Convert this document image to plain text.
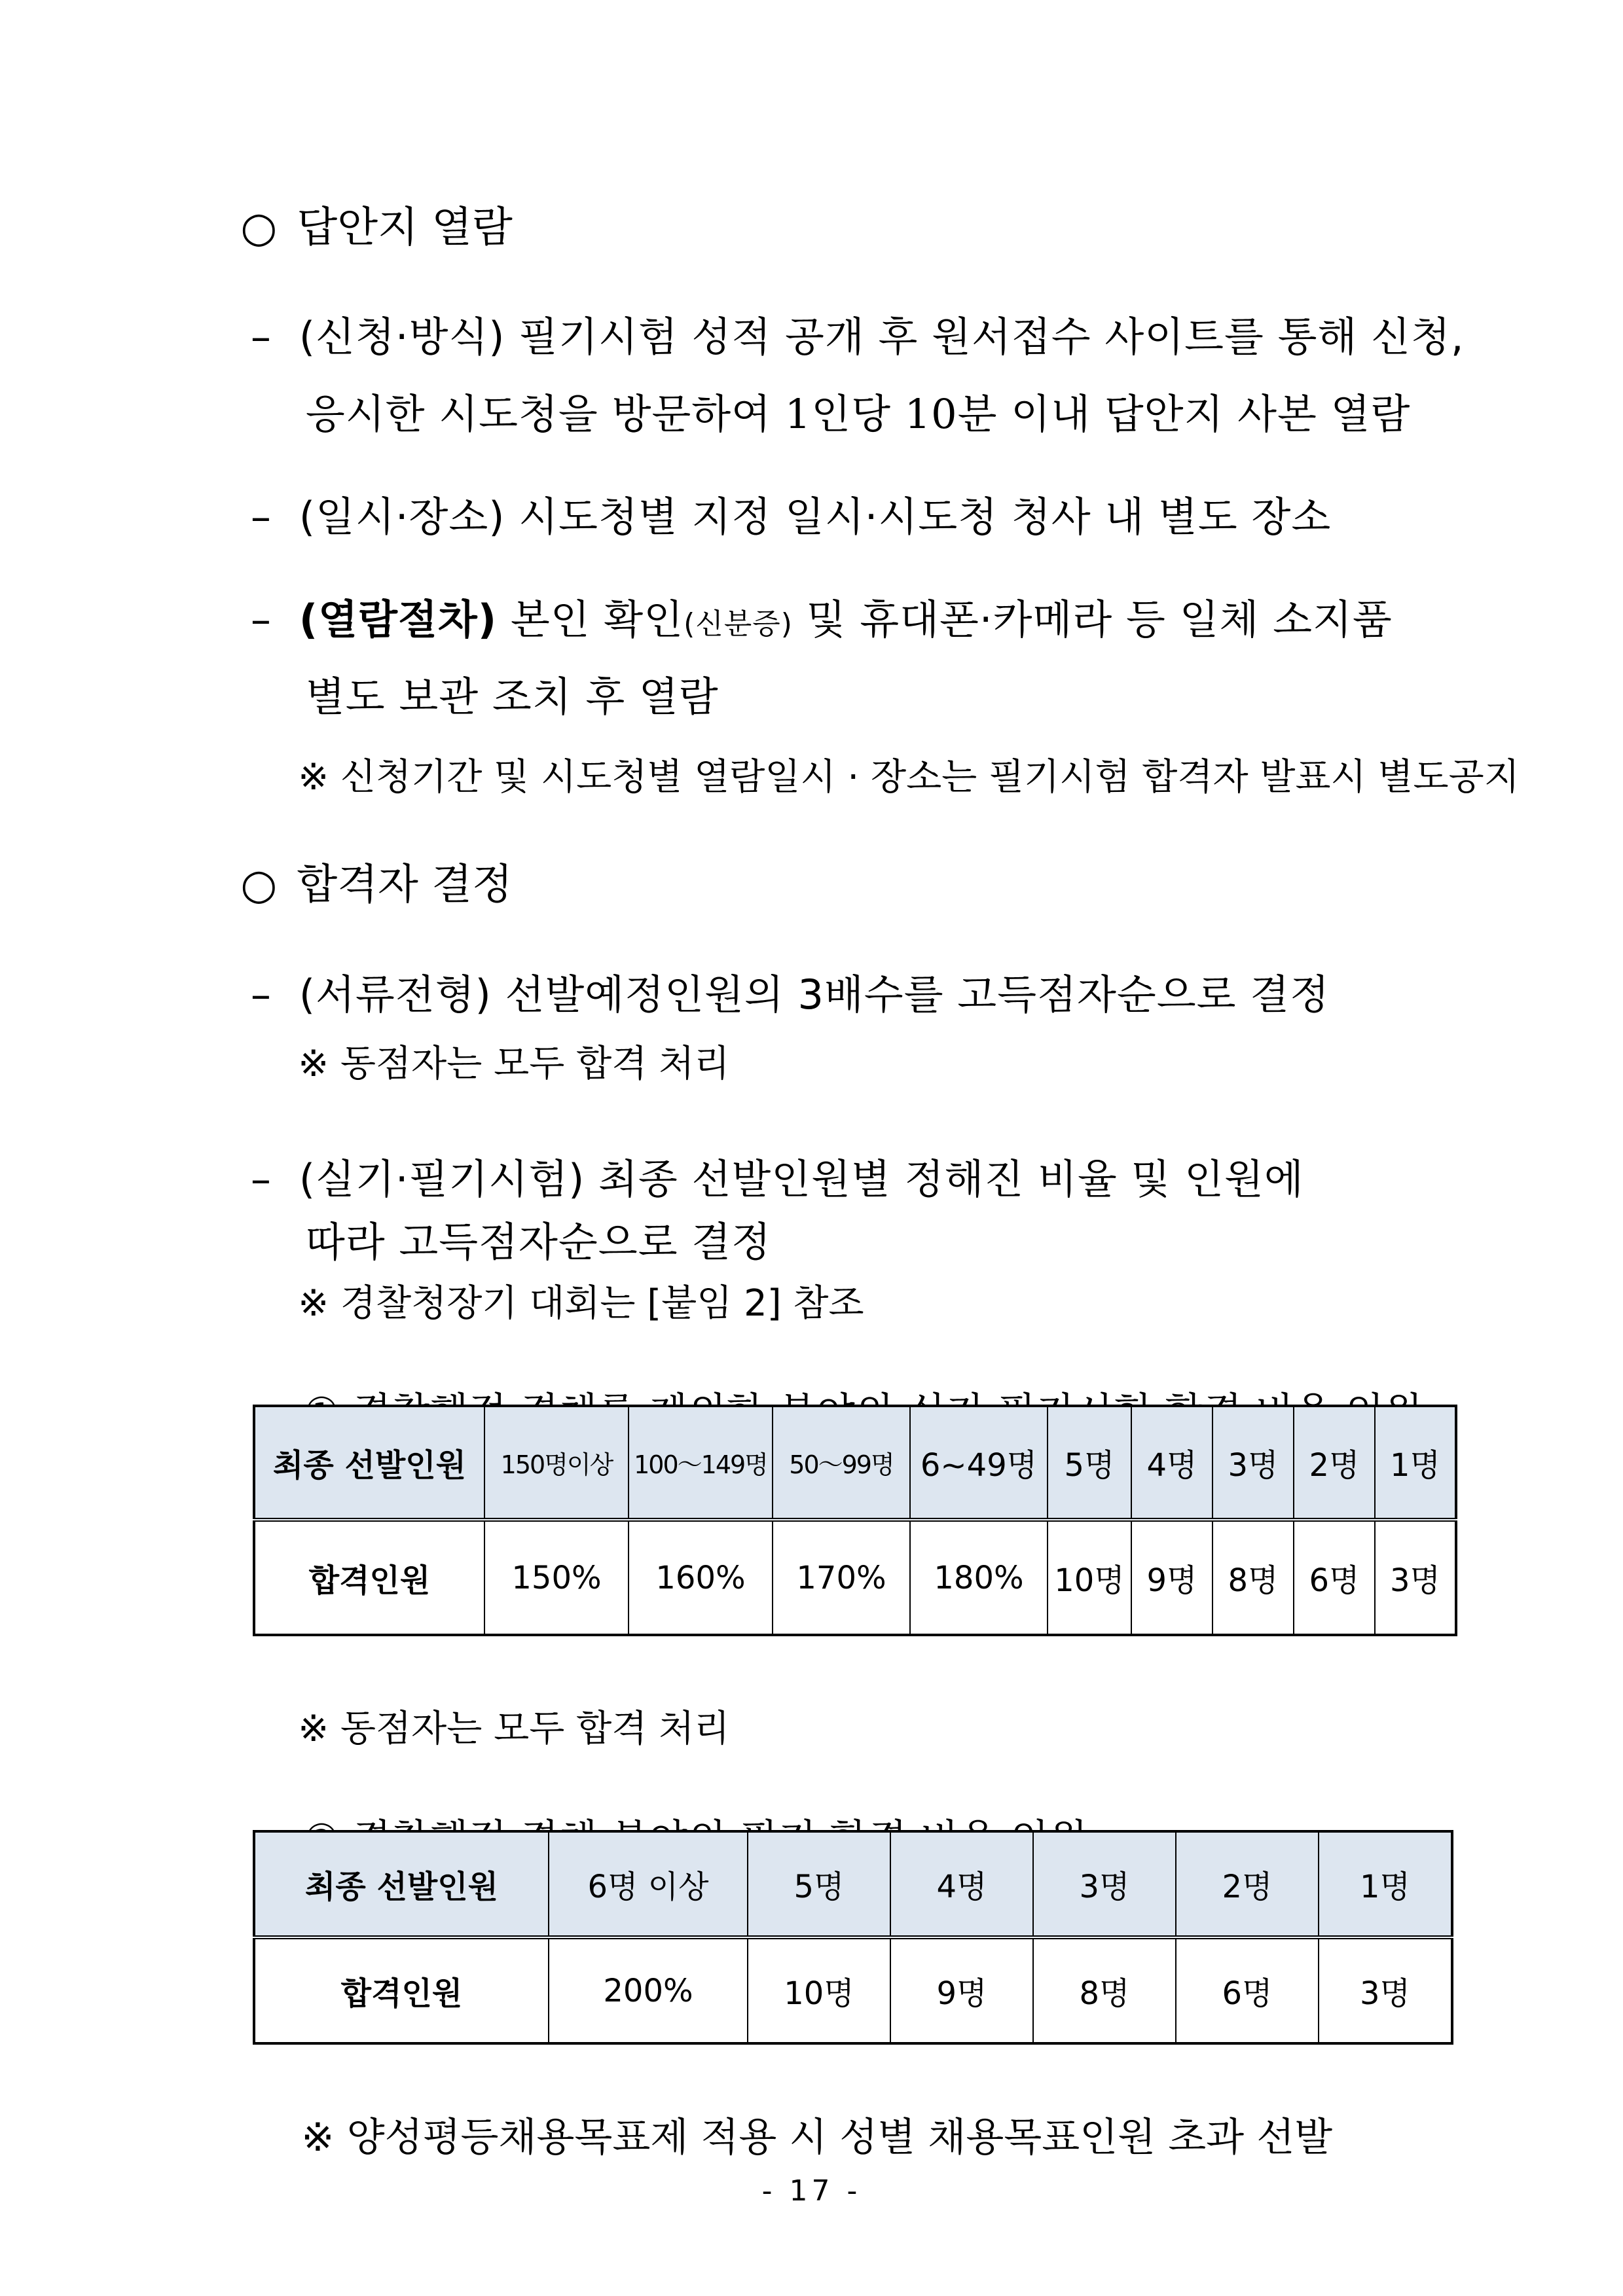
○ 답안지 열람

– (신청·방식) 필기시험 성적 공개 후 원서접수 사이트를 통해 신청,

응시한 시도청을 방문하여 1인당 10분 이내 답안지 사본 열람

– (일시·장소) 시도청별 지정 일시·시도청 청사 내 별도 장소

– (열람절차) 본인 확인(신분증) 및 휴대폰·카메라 등 일체 소지품

별도 보관 조치 후 열람

※ 신청기간 및 시도청별 열람일시 · 장소는 필기시험 합격자 발표시 별도공지

○ 합격자 결정

– (서류전형) 선발예정인원의 3배수를 고득점자순으로 결정

※ 동점자는 모두 합격 처리

– (실기·필기시험) 최종 선발인원별 정해진 비율 및 인원에

따라 고득점자순으로 결정

※ 경찰청장기 대회는 [붙임 2] 참조

최종 선발인원	150명이상	100～149명	50～99명	6~49명	5명	4명	3명	2명	1명
합격인원	150%	160%	170%	180%	10명	9명	8명	6명	3명

※ 동점자는 모두 합격 처리

최종 선발인원	6명 이상	5명	4명	3명	2명	1명
합격인원	200%	10명	9명	8명	6명	3명

※ 양성평등채용목표제 적용 시 성별 채용목표인원 초과 선발

- 17 -
